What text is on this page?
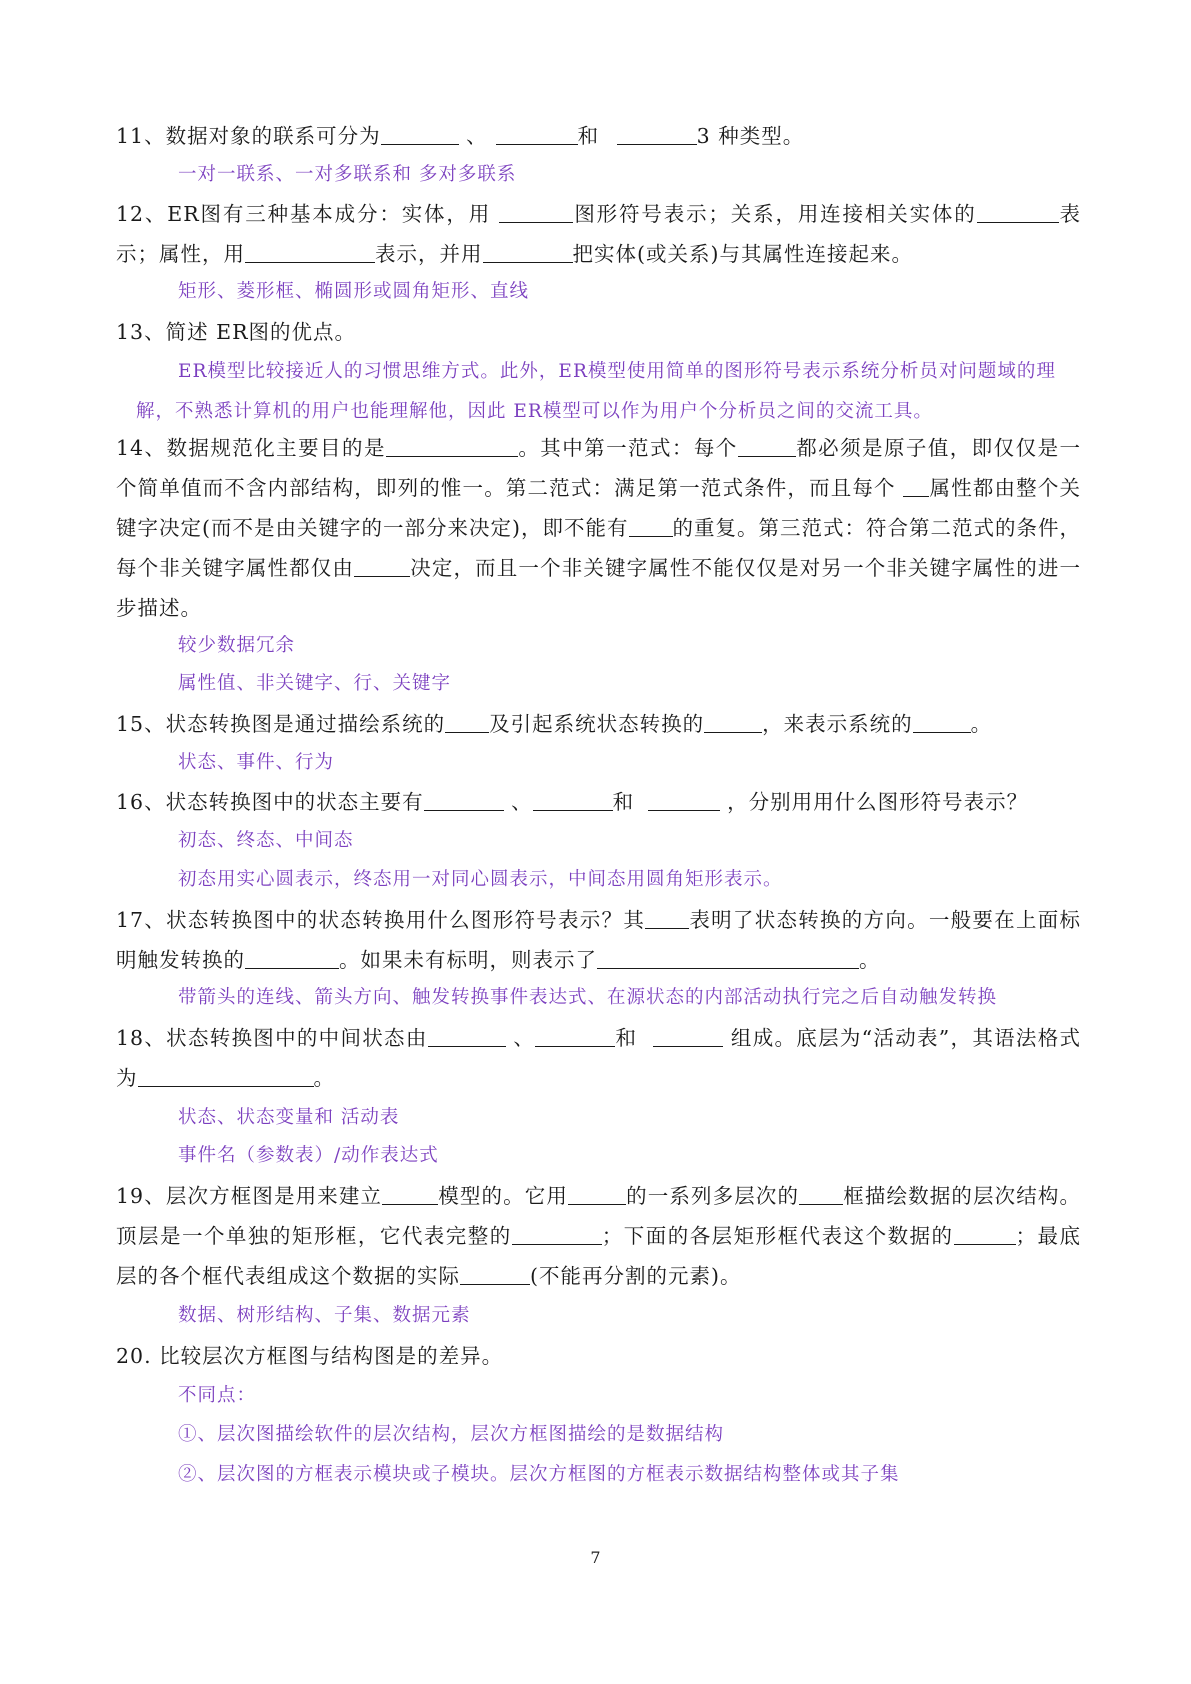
11、数据对象的联系可分为	、	和	3 种类型。
一对一联系、一对多联系和 多对多联系
12、ER图有三种基本成分：实体，用	图形符号表示；关系，用连接相关实体的	表示；属性，用	表示，并用	把实体(或关系)与其属性连接起来。
矩形、菱形框、椭圆形或圆角矩形、直线
13、简述 ER图的优点。
ER模型比较接近人的习惯思维方式。此外，ER模型使用简单的图形符号表示系统分析员对问题域的理解，不熟悉计算机的用户也能理解他，因此 ER模型可以作为用户个分析员之间的交流工具。
14、数据规范化主要目的是	。其中第一范式：每个	都必须是原子值，即仅仅是一个简单值而不含内部结构，即列的惟一。第二范式：满足第一范式条件，而且每个 属性都由整个关键字决定(而不是由关键字的一部分来决定)，即不能有 的重复。第三范式：符合第二范式的条件，每个非关键字属性都仅由	决定，而且一个非关键字属性不能仅仅是对另一个非关键字属性的进一步描述。
较少数据冗余
属性值、非关键字、行、关键字
15、状态转换图是通过描绘系统的 及引起系统状态转换的	，来表示系统的	。
状态、事件、行为
16、状态转换图中的状态主要有	、	和	，分别用用什么图形符号表示？
初态、终态、中间态
初态用实心圆表示，终态用一对同心圆表示，中间态用圆角矩形表示。
17、状态转换图中的状态转换用什么图形符号表示？其 表明了状态转换的方向。一般要在上面标明触发转换的	。如果未有标明，则表示了	。
带箭头的连线、箭头方向、触发转换事件表达式、在源状态的内部活动执行完之后自动触发转换
18、状态转换图中的中间状态由	、	和	组成。底层为“活动表”，其语法格式为	。
状态、状态变量和 活动表
事件名（参数表）/动作表达式
19、层次方框图是用来建立	模型的。它用	的一系列多层次的 框描绘数据的层次结构。顶层是一个单独的矩形框，它代表完整的	；下面的各层矩形框代表这个数据的	；最底层的各个框代表组成这个数据的实际	(不能再分割的元素)。
数据、树形结构、子集、数据元素
20. 比较层次方框图与结构图是的差异。
不同点：
①、层次图描绘软件的层次结构，层次方框图描绘的是数据结构
②、层次图的方框表示模块或子模块。层次方框图的方框表示数据结构整体或其子集
7
